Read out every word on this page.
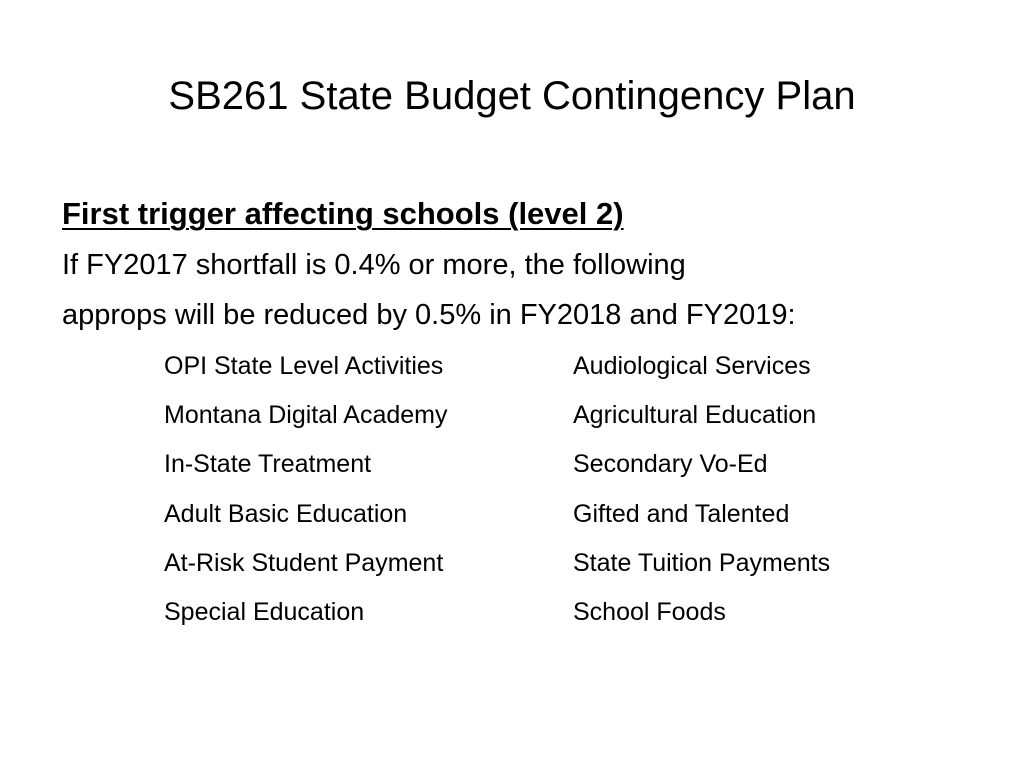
SB261 State Budget Contingency Plan

First trigger affecting schools (level 2)

If FY2017 shortfall is 0.4% or more, the following
approps will be reduced by 0.5% in FY2018 and FY2019:

OPI State Level Activities	Audiological Services
Montana Digital Academy	Agricultural Education
In-State Treatment	Secondary Vo-Ed
Adult Basic Education	Gifted and Talented
At-Risk Student Payment	State Tuition Payments
Special Education	School Foods
